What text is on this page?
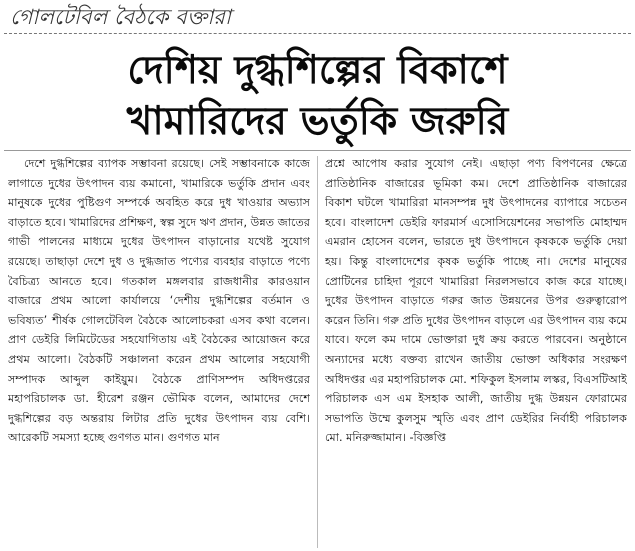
গোলটেবিল বৈঠকে বক্তারা
দেশিয় দুগ্ধশিল্পের বিকাশে
খামারিদের ভর্তুকি জরুরি
দেশে দুগ্ধশিল্পের ব্যাপক সম্ভাবনা রয়েছে। সেই সম্ভাবনাকে কাজে লাগাতে দুধের উৎপাদন ব্যয় কমানো, খামারিকে ভর্তুকি প্রদান এবং মানুষকে দুধের পুষ্টিগুণ সম্পর্কে অবহিত করে দুধ খাওয়ার অভ্যাস বাড়াতে হবে। খামারিদের প্রশিক্ষণ, স্বল্প সুদে ঋণ প্রদান, উন্নত জাতের গাভী পালনের মাধ্যমে দুধের উৎপাদন বাড়ানোর যথেষ্ট সুযোগ রয়েছে। তাছাড়া দেশে দুধ ও দুগ্ধজাত পণ্যের ব্যবহার বাড়াতে পণ্যে বৈচিত্র্য আনতে হবে। গতকাল মঙ্গলবার রাজধানীর কারওয়ান বাজারে প্রথম আলো কার্যালয়ে ‘দেশীয় দুগ্ধশিল্পের বর্তমান ও ভবিষ্যত’ শীর্ষক গোলটেবিল বৈঠকে আলোচকরা এসব কথা বলেন। প্রাণ ডেইরি লিমিটেডের সহযোগিতায় এই বৈঠকের আয়োজন করে প্রথম আলো। বৈঠকটি সঞ্চালনা করেন প্রথম আলোর সহযোগী সম্পাদক আব্দুল কাইয়ুম। বৈঠকে প্রাণিসম্পদ অধিদপ্তরের মহাপরিচালক ডা. হীরেশ রঞ্জন ভৌমিক বলেন, আমাদের দেশে দুগ্ধশিল্পের বড় অন্তরায় লিটার প্রতি দুধের উৎপাদন ব্যয় বেশি। আরেকটি সমস্যা হচ্ছে গুণগত মান। গুণগত মান
প্রশ্নে আপোষ করার সুযোগ নেই। এছাড়া পণ্য বিপণনের ক্ষেত্রে প্রাতিষ্ঠানিক বাজারের ভূমিকা কম। দেশে প্রাতিষ্ঠানিক বাজারের বিকাশ ঘটলে খামারিরা মানসম্পন্ন দুধ উৎপাদনের ব্যাপারে সচেতন হবে। বাংলাদেশ ডেইরি ফারমার্স এসোসিয়েশনের সভাপতি মোহাম্মদ এমরান হোসেন বলেন, ভারতে দুধ উৎপাদনে কৃষককে ভর্তুকি দেয়া হয়। কিন্তু বাংলাদেশের কৃষক ভর্তুকি পাচ্ছে না। দেশের মানুষের প্রোটিনের চাহিদা পূরণে খামারিরা নিরলসভাবে কাজ করে যাচ্ছে। দুধের উৎপাদন বাড়াতে গরুর জাত উন্নয়নের উপর গুরুত্বারোপ করেন তিনি। গরু প্রতি দুধের উৎপাদন বাড়লে এর উৎপাদন ব্যয় কমে যাবে। ফলে কম দামে ভোক্তারা দুধ ক্রয় করতে পারবেন। অনুষ্ঠানে অন্যাদের মধ্যে বক্তব্য রাখেন জাতীয় ভোক্তা অধিকার সংরক্ষণ অধিদপ্তর এর মহাপরিচালক মো. শফিকুল ইসলাম লস্কর, বিএসটিআই পরিচালক এস এম ইসহাক আলী, জাতীয় দুগ্ধ উন্নয়ন ফোরামের সভাপতি উম্মে কুলসুম স্মৃতি এবং প্রাণ ডেইরির নির্বাহী পরিচালক মো. মনিরুজ্জামান। -বিজ্ঞপ্তি
